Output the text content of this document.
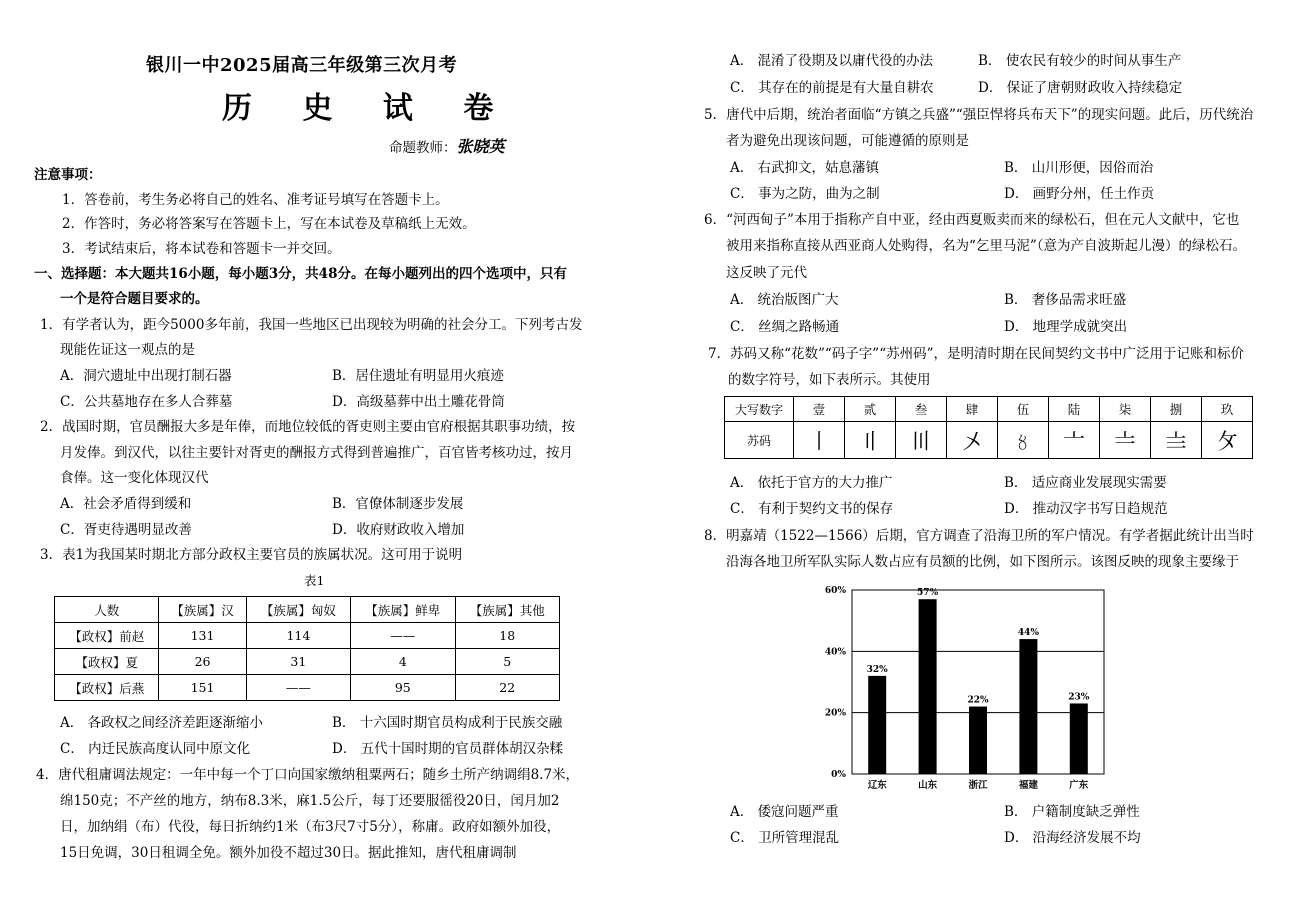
银川一中2025届高三年级第三次月考
历 史 试 卷
命题教师：张晓英
注意事项：
1．答卷前，考生务必将自己的姓名、准考证号填写在答题卡上。
2．作答时，务必将答案写在答题卡上，写在本试卷及草稿纸上无效。
3．考试结束后，将本试卷和答题卡一并交回。
一、选择题：本大题共16小题，每小题3分，共48分。在每小题列出的四个选项中，只有
一个是符合题目要求的。
1．有学者认为，距今5000多年前，我国一些地区已出现较为明确的社会分工。下列考古发
现能佐证这一观点的是
A．洞穴遗址中出现打制石器	B．居住遗址有明显用火痕迹
C．公共墓地存在多人合葬墓	D．高级墓葬中出土雕花骨筒
2．战国时期，官员酬报大多是年俸，而地位较低的胥吏则主要由官府根据其职事功绩，按
月发俸。到汉代，以往主要针对胥吏的酬报方式得到普遍推广，百官皆考核功过，按月
食俸。这一变化体现汉代
A．社会矛盾得到缓和	B．官僚体制逐步发展
C．胥吏待遇明显改善	D．收府财政收入增加
3．表1为我国某时期北方部分政权主要官员的族属状况。这可用于说明
表1
人数	【族属】汉	【族属】匈奴	【族属】鲜卑	【族属】其他
【政权】前赵	131	114	——	18
【政权】夏	26	31	4	5
【政权】后燕	151	——	95	22
A． 各政权之间经济差距逐渐缩小	B． 十六国时期官员构成利于民族交融
C． 内迁民族高度认同中原文化	D． 五代十国时期的官员群体胡汉杂糅
4．唐代租庸调法规定：一年中每一个丁口向国家缴纳租粟两石；随乡土所产纳调绢8.7米，
绵150克；不产丝的地方，纳布8.3米，麻1.5公斤，每丁还要服徭役20日，闰月加2
日，加纳绢（布）代役，每日折纳约1米（布3尺7寸5分），称庸。政府如额外加役，
15日免调，30日租调全免。额外加役不超过30日。据此推知，唐代租庸调制
A． 混淆了役期及以庸代役的办法	B． 使农民有较少的时间从事生产
C． 其存在的前提是有大量自耕农	D． 保证了唐朝财政收入持续稳定
5．唐代中后期，统治者面临“方镇之兵盛”“强臣悍将兵布天下”的现实问题。此后，历代统治
者为避免出现该问题，可能遵循的原则是
A． 右武抑文，姑息藩镇	B． 山川形便，因俗而治
C． 事为之防，曲为之制	D． 画野分州，任土作贡
6．“河西甸子”本用于指称产自中亚，经由西夏贩卖而来的绿松石，但在元人文献中，它也
被用来指称直接从西亚商人处购得，名为“乞里马泥”（意为产自波斯起儿漫）的绿松石。
这反映了元代
A． 统治版图广大	B． 奢侈品需求旺盛
C． 丝绸之路畅通	D． 地理学成就突出
7．苏码又称“花数”“码子字”“苏州码”，是明清时期在民间契约文书中广泛用于记账和标价
的数字符号，如下表所示。其使用
大写数字	壹	贰	叁	肆	伍	陆	柒	捌	玖
苏码	〡	〢	〣	〤	〥	〦	〧	〨	〩
A． 依托于官方的大力推广	B． 适应商业发展现实需要
C． 有利于契约文书的保存	D． 推动汉字书写日趋规范
8．明嘉靖（1522—1566）后期，官方调查了沿海卫所的军户情况。有学者据此统计出当时
沿海各地卫所军队实际人数占应有员额的比例，如下图所示。该图反映的现象主要缘于
0%
20%
40%
60%
32%
辽东
57%
山东
22%
浙江
44%
福建
23%
广东
A． 倭寇问题严重	B． 户籍制度缺乏弹性
C． 卫所管理混乱	D． 沿海经济发展不均
